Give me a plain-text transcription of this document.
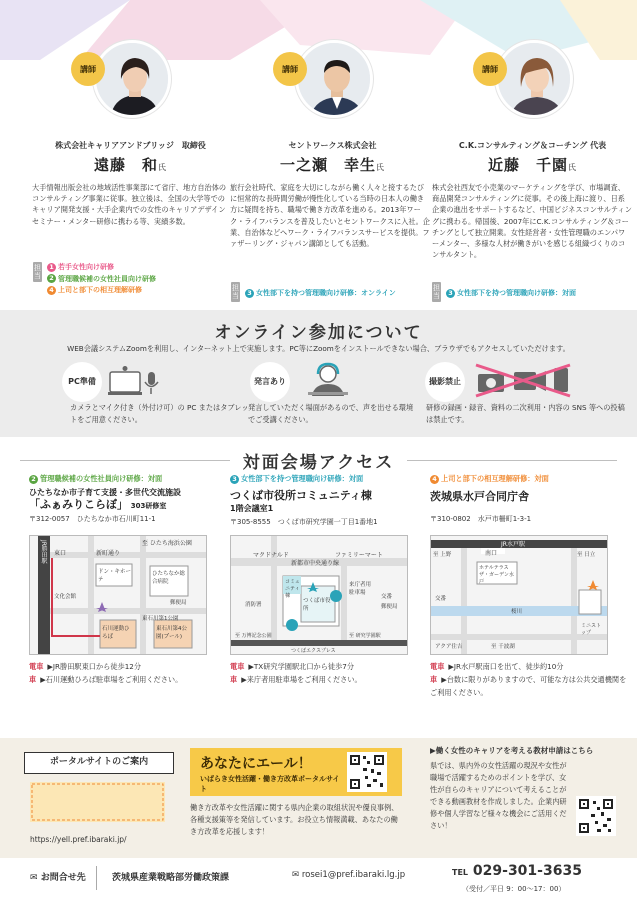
講師
株式会社キャリアアンドブリッジ　取締役
遠藤　和氏
大手情報出版会社の地域活性事業部にて省庁、地方自治体のコンサルティング事業に従事。独立後は、全国の大学等でのキャリア開発支援・大手企業内での女性のキャリアデザインセミナー・メンター研修に携わる等、実績多数。
担当
1 若手女性向け研修
2 管理職候補の女性社員向け研修
4 上司と部下の相互理解研修
講師
セントワークス株式会社
一之瀬　幸生氏
旅行会社時代、家庭を大切にしながら働く人々と接するたびに恒常的な長時間労働が慢性化している当時の日本人の働き方に疑問を持ち、職場で働き方改革を進める。2013年ワーク・ライフバランスを普及したいとセントワークスに入社。企業、自治体などへワーク・ライフバランスサービスを提供。ファザーリング・ジャパン講師としても活動。
担当	3 女性部下を持つ管理職向け研修：オンライン
講師
C.K.コンサルティング＆コーチング 代表
近藤　千園氏
株式会社西友で小売業のマーケティングを学び、市場調査、商品開発コンサルティングに従事。その後上海に渡り、日系企業の進出をサポートするなど、中国ビジネスコンサルティングに携わる。帰国後、2007年にC.K.コンサルティング＆コーチングとして独立開業。女性経営者・女性管理職のエンパワーメンター、多様な人材が働きがいを感じる組織づくりのコンサルタント。
担当	3 女性部下を持つ管理職向け研修：対面
オンライン参加について
WEB会議システムZoomを利用し、インターネット上で実施します。PC等にZoomをインストールできない場合、ブラウザでもアクセスしていただけます。
PC準備
カメラとマイク付き（外付け可）の PC またはタブレットをご用意ください。
発言あり
発言していただく場面があるので、声を出せる環境でご受講ください。
撮影禁止
研修の録画・録音、資料の二次利用・内容の SNS 等への投稿は禁止です。
対面会場アクセス
2 管理職候補の女性社員向け研修：対面
ひたちなか市子育て支援・多世代交流施設
「ふぁみりこらぼ」 303研修室
〒312-0057　ひたちなか市石川町11-1
JR勝田駅	東口	新町通り
至 ひたち海浜公園
ドン・キホーテ
ひたちなか総合病院
郵便局
石川運動ひろば
東石川第1公園
東石川第4公園(プール)
文化会館
電車 ▶JR勝田駅東口から徒歩12分
車 ▶石川運動ひろば駐車場をご利用ください。
3 女性部下を持つ管理職向け研修：対面
つくば市役所コミュニティ棟
1階会議室1
〒305-8555　つくば市研究学園一丁目1番地1
マクドナルド	ファミリーマート
新都市中央通り線
コミュニティ棟
つくば市役所
来庁者用駐車場
交番
郵便局
消防署
至 万博記念公園	至 研究学園駅
つくばエクスプレス
電車 ▶TX研究学園駅北口から徒歩7分
車 ▶来庁者用駐車場をご利用ください。
4 上司と部下の相互理解研修：対面
茨城県水戸合同庁舎
〒310-0802　水戸市柵町1-3-1
JR水戸駅
南口
至 上野	至 日立
ホテルテラスザ・ガーデン水戸
交番
桜川
アクア住吉
ミニストップ
至 千波湖
電車 ▶JR水戸駅南口を出て、徒歩約10分
車 ▶台数に限りがありますので、可能な方は公共交通機関をご利用ください。
ポータルサイトのご案内
https://yell.pref.ibaraki.jp/
あなたにエール！
いばらき女性活躍・働き方改革ポータルサイト
働き方改革や女性活躍に関する県内企業の取組状況や優良事例、各種支援策等を発信しています。お役立ち情報満載、あなたの働き方改革を応援します！
▶働く女性のキャリアを考える教材申請はこちら
県では、県内外の女性活躍の現況や女性が職場で活躍するためのポイントを学び、女性が自らのキャリアについて考えることができる動画教材を作成しました。企業内研修や個人学習など様々な機会にご活用ください！
✉ お問合せ先	茨城県産業戦略部労働政策課	✉ rosei1@pref.ibaraki.lg.jp	TEL 029-301-3635
（受付／平日 9：00～17：00）
